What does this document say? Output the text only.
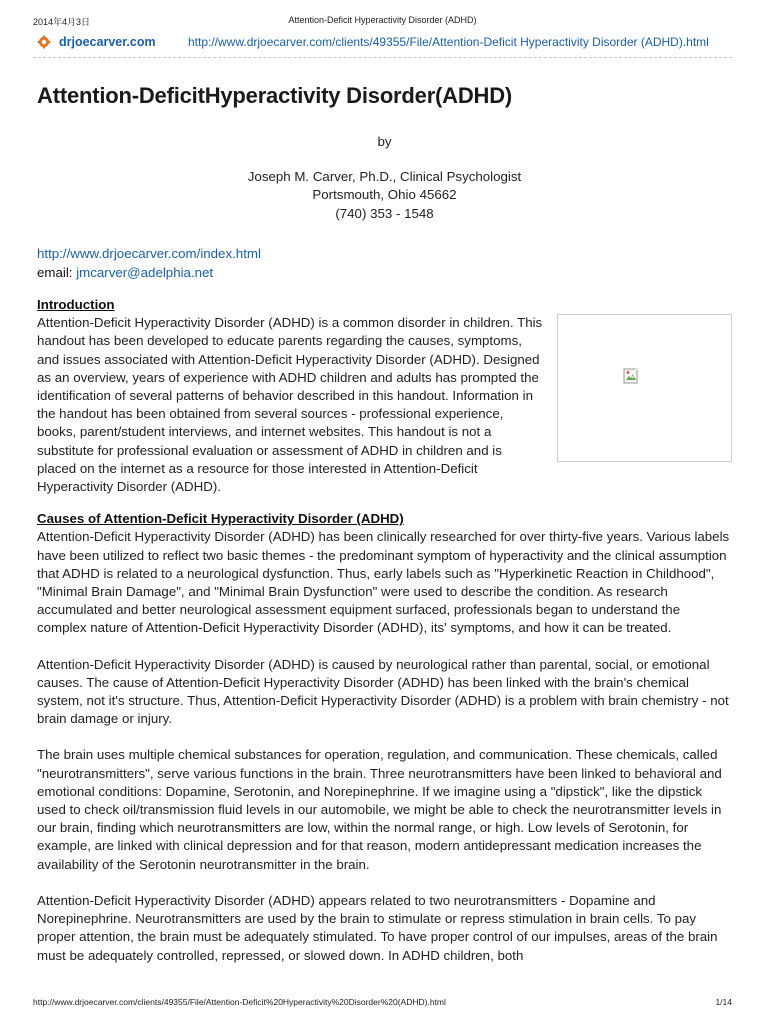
2014年4月3日	Attention-Deficit Hyperactivity Disorder (ADHD)
drjoecarver.com	http://www.drjoecarver.com/clients/49355/File/Attention-Deficit Hyperactivity Disorder (ADHD).html
Attention-DeficitHyperactivity Disorder(ADHD)
by
Joseph M. Carver, Ph.D., Clinical Psychologist
Portsmouth, Ohio 45662
(740) 353 - 1548
http://www.drjoecarver.com/index.html
email: jmcarver@adelphia.net
Introduction

Attention-Deficit Hyperactivity Disorder (ADHD) is a common disorder in children. This handout has been developed to educate parents regarding the causes, symptoms, and issues associated with Attention-Deficit Hyperactivity Disorder (ADHD). Designed as an overview, years of experience with ADHD children and adults has prompted the identification of several patterns of behavior described in this handout. Information in the handout has been obtained from several sources - professional experience, books, parent/student interviews, and internet websites. This handout is not a substitute for professional evaluation or assessment of ADHD in children and is placed on the internet as a resource for those interested in Attention-Deficit Hyperactivity Disorder (ADHD).

Causes of Attention-Deficit Hyperactivity Disorder (ADHD)

Attention-Deficit Hyperactivity Disorder (ADHD) has been clinically researched for over thirty-five years. Various labels have been utilized to reflect two basic themes - the predominant symptom of hyperactivity and the clinical assumption that ADHD is related to a neurological dysfunction. Thus, early labels such as "Hyperkinetic Reaction in Childhood", "Minimal Brain Damage", and "Minimal Brain Dysfunction" were used to describe the condition. As research accumulated and better neurological assessment equipment surfaced, professionals began to understand the complex nature of Attention-Deficit Hyperactivity Disorder (ADHD), its' symptoms, and how it can be treated.

Attention-Deficit Hyperactivity Disorder (ADHD) is caused by neurological rather than parental, social, or emotional causes. The cause of Attention-Deficit Hyperactivity Disorder (ADHD) has been linked with the brain's chemical system, not it's structure. Thus, Attention-Deficit Hyperactivity Disorder (ADHD) is a problem with brain chemistry - not brain damage or injury.

The brain uses multiple chemical substances for operation, regulation, and communication. These chemicals, called "neurotransmitters", serve various functions in the brain. Three neurotransmitters have been linked to behavioral and emotional conditions: Dopamine, Serotonin, and Norepinephrine. If we imagine using a "dipstick", like the dipstick used to check oil/transmission fluid levels in our automobile, we might be able to check the neurotransmitter levels in our brain, finding which neurotransmitters are low, within the normal range, or high. Low levels of Serotonin, for example, are linked with clinical depression and for that reason, modern antidepressant medication increases the availability of the Serotonin neurotransmitter in the brain.

Attention-Deficit Hyperactivity Disorder (ADHD) appears related to two neurotransmitters - Dopamine and Norepinephrine. Neurotransmitters are used by the brain to stimulate or repress stimulation in brain cells. To pay proper attention, the brain must be adequately stimulated. To have proper control of our impulses, areas of the brain must be adequately controlled, repressed, or slowed down. In ADHD children, both

http://www.drjoecarver.com/clients/49355/File/Attention-Deficit%20Hyperactivity%20Disorder%20(ADHD).html	1/14
